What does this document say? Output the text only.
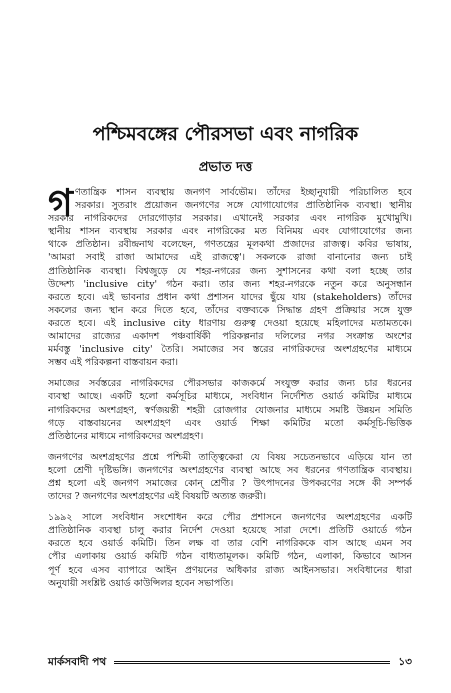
পশ্চিমবঙ্গের পৌরসভা এবং নাগরিক
প্রভাত দত্ত
গ ণতান্ত্রিক শাসন ব্যবস্থায় জনগণ সার্বভৌম। তাঁদের ইচ্ছানুযায়ী পরিচালিত হবে
সরকার। সুতরাং প্রয়োজন জনগণের সঙ্গে যোগাযোগের প্রাতিষ্ঠানিক ব্যবস্থা। স্থানীয়
সরকার নাগরিকদের দোরগোড়ার সরকার। এখানেই সরকার এবং নাগরিক মুখোমুখি।
স্থানীয় শাসন ব্যবস্থায় সরকার এবং নাগরিকের মত বিনিময় এবং যোগাযোগের জন্য
থাকে প্রতিষ্ঠান। রবীন্দ্রনাথ বলেছেন, গণতন্ত্রের মূলকথা প্রজাদের রাজত্ব। কবির ভাষায়,
'আমরা সবাই রাজা আমাদের এই রাজত্বে'। সকলকে রাজা বানানোর জন্য চাই
প্রাতিষ্ঠানিক ব্যবস্থা। বিশ্বজুড়ে যে শহর-নগরের জন্য সুশাসনের কথা বলা হচ্ছে তার
উদ্দেশ্য 'inclusive city' গঠন করা। তার জন্য শহর-নগরকে নতুন করে অনুসন্ধান
করতে হবে। এই ভাবনার প্রধান কথা প্রশাসন যাদের ছুঁয়ে যায় (stakeholders) তাঁদের
সকলের জন্য স্থান করে দিতে হবে, তাঁদের বক্তব্যকে সিদ্ধান্ত গ্রহণ প্রক্রিয়ার সঙ্গে যুক্ত
করতে হবে। এই inclusive city ধারণায় গুরুত্ব দেওয়া হয়েছে মহিলাদের মতামতকে।
আমাদের রাজ্যের একাদশ পঞ্চবার্ষিকী পরিকল্পনার দলিলের নগর সংক্রান্ত অংশের
মর্মবস্তু 'inclusive city' তৈরি। সমাজের সব স্তরের নাগরিকদের অংশগ্রহণের মাধ্যমে
সম্ভব এই পরিকল্পনা বাস্তবায়ন করা।
সমাজের সর্বস্তরের নাগরিকদের পৌরসভার কাজকর্মে সংযুক্ত করার জন্য চার ধরনের
ব্যবস্থা আছে। একটি হলো কর্মসূচির মাধ্যমে, সংবিধান নির্দেশিত ওয়ার্ড কমিটির মাধ্যমে
নাগরিকদের অংশগ্রহণ, স্বর্ণজয়ন্তী শহরী রোজগার যোজনার মাধ্যমে সমষ্টি উন্নয়ন সমিতি
গড়ে বাস্তবায়নের অংশগ্রহণ এবং ওয়ার্ড শিক্ষা কমিটির মতো কর্মসূচি-ভিত্তিক
প্রতিষ্ঠানের মাধ্যমে নাগরিকদের অংশগ্রহণ।
জনগণের অংশগ্রহণের প্রশ্নে পশ্চিমী তাত্ত্বিকেরা যে বিষয় সচেতনভাবে এড়িয়ে যান তা
হলো শ্রেণী দৃষ্টিভঙ্গি। জনগণের অংশগ্রহণের ব্যবস্থা আছে সব ধরনের গণতান্ত্রিক ব্যবস্থায়।
প্রশ্ন হলো এই জনগণ সমাজের কোন্ শ্রেণীর ? উৎপাদনের উপকরণের সঙ্গে কী সম্পর্ক
তাদের ? জনগণের অংশগ্রহণের এই বিষয়টি অত্যন্ত জরুরী।
১৯৯২ সালে সংবিধান সংশোধন করে পৌর প্রশাসনে জনগণের অংশগ্রহণের একটি
প্রাতিষ্ঠানিক ব্যবস্থা চালু করার নির্দেশ দেওয়া হয়েছে সারা দেশে। প্রতিটি ওয়ার্ডে গঠন
করতে হবে ওয়ার্ড কমিটি। তিন লক্ষ বা তার বেশি নাগরিককে বাস আছে এমন সব
পৌর এলাকায় ওয়ার্ড কমিটি গঠন বাধ্যতামূলক। কমিটি গঠন, এলাকা, কিভাবে আসন
পূর্ণ হবে এসব ব্যাপারে আইন প্রণয়নের অধিকার রাজ্য আইনসভার। সংবিধানের ধারা
অনুযায়ী সংশ্লিষ্ট ওয়ার্ড কাউন্সিলর হবেন সভাপতি।
মার্কসবাদী পথ	১৩
